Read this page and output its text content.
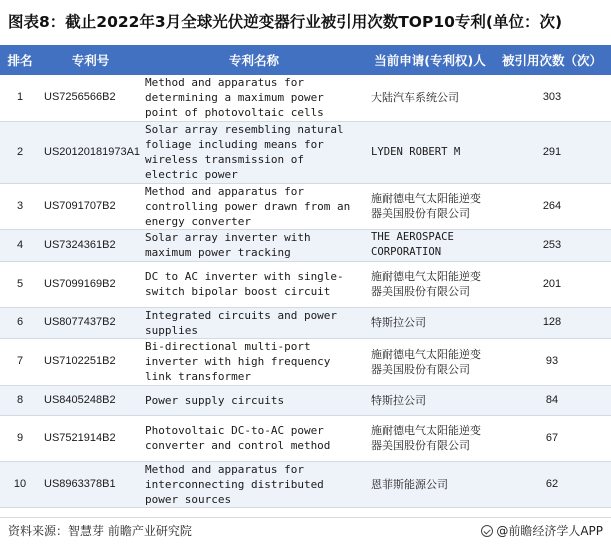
图表8：截止2022年3月全球光伏逆变器行业被引用次数TOP10专利(单位：次)
排名	专利号	专利名称	当前申请(专利权)人	被引用次数（次）
1	US7256566B2	Method and apparatus for determining a maximum power point of photovoltaic cells	大陆汽车系统公司	303
2	US20120181973A1	Solar array resembling natural foliage including means for wireless transmission of electric power	LYDEN ROBERT M	291
3	US7091707B2	Method and apparatus for controlling power drawn from an energy converter	施耐德电气太阳能逆变器美国股份有限公司	264
4	US7324361B2	Solar array inverter with maximum power tracking	THE AEROSPACE CORPORATION	253
5	US7099169B2	DC to AC inverter with single-switch bipolar boost circuit	施耐德电气太阳能逆变器美国股份有限公司	201
6	US8077437B2	Integrated circuits and power supplies	特斯拉公司	128
7	US7102251B2	Bi-directional multi-port inverter with high frequency link transformer	施耐德电气太阳能逆变器美国股份有限公司	93
8	US8405248B2	Power supply circuits	特斯拉公司	84
9	US7521914B2	Photovoltaic DC-to-AC power converter and control method	施耐德电气太阳能逆变器美国股份有限公司	67
10	US8963378B1	Method and apparatus for interconnecting distributed power sources	恩菲斯能源公司	62
资料来源：智慧芽 前瞻产业研究院	@前瞻经济学人APP
